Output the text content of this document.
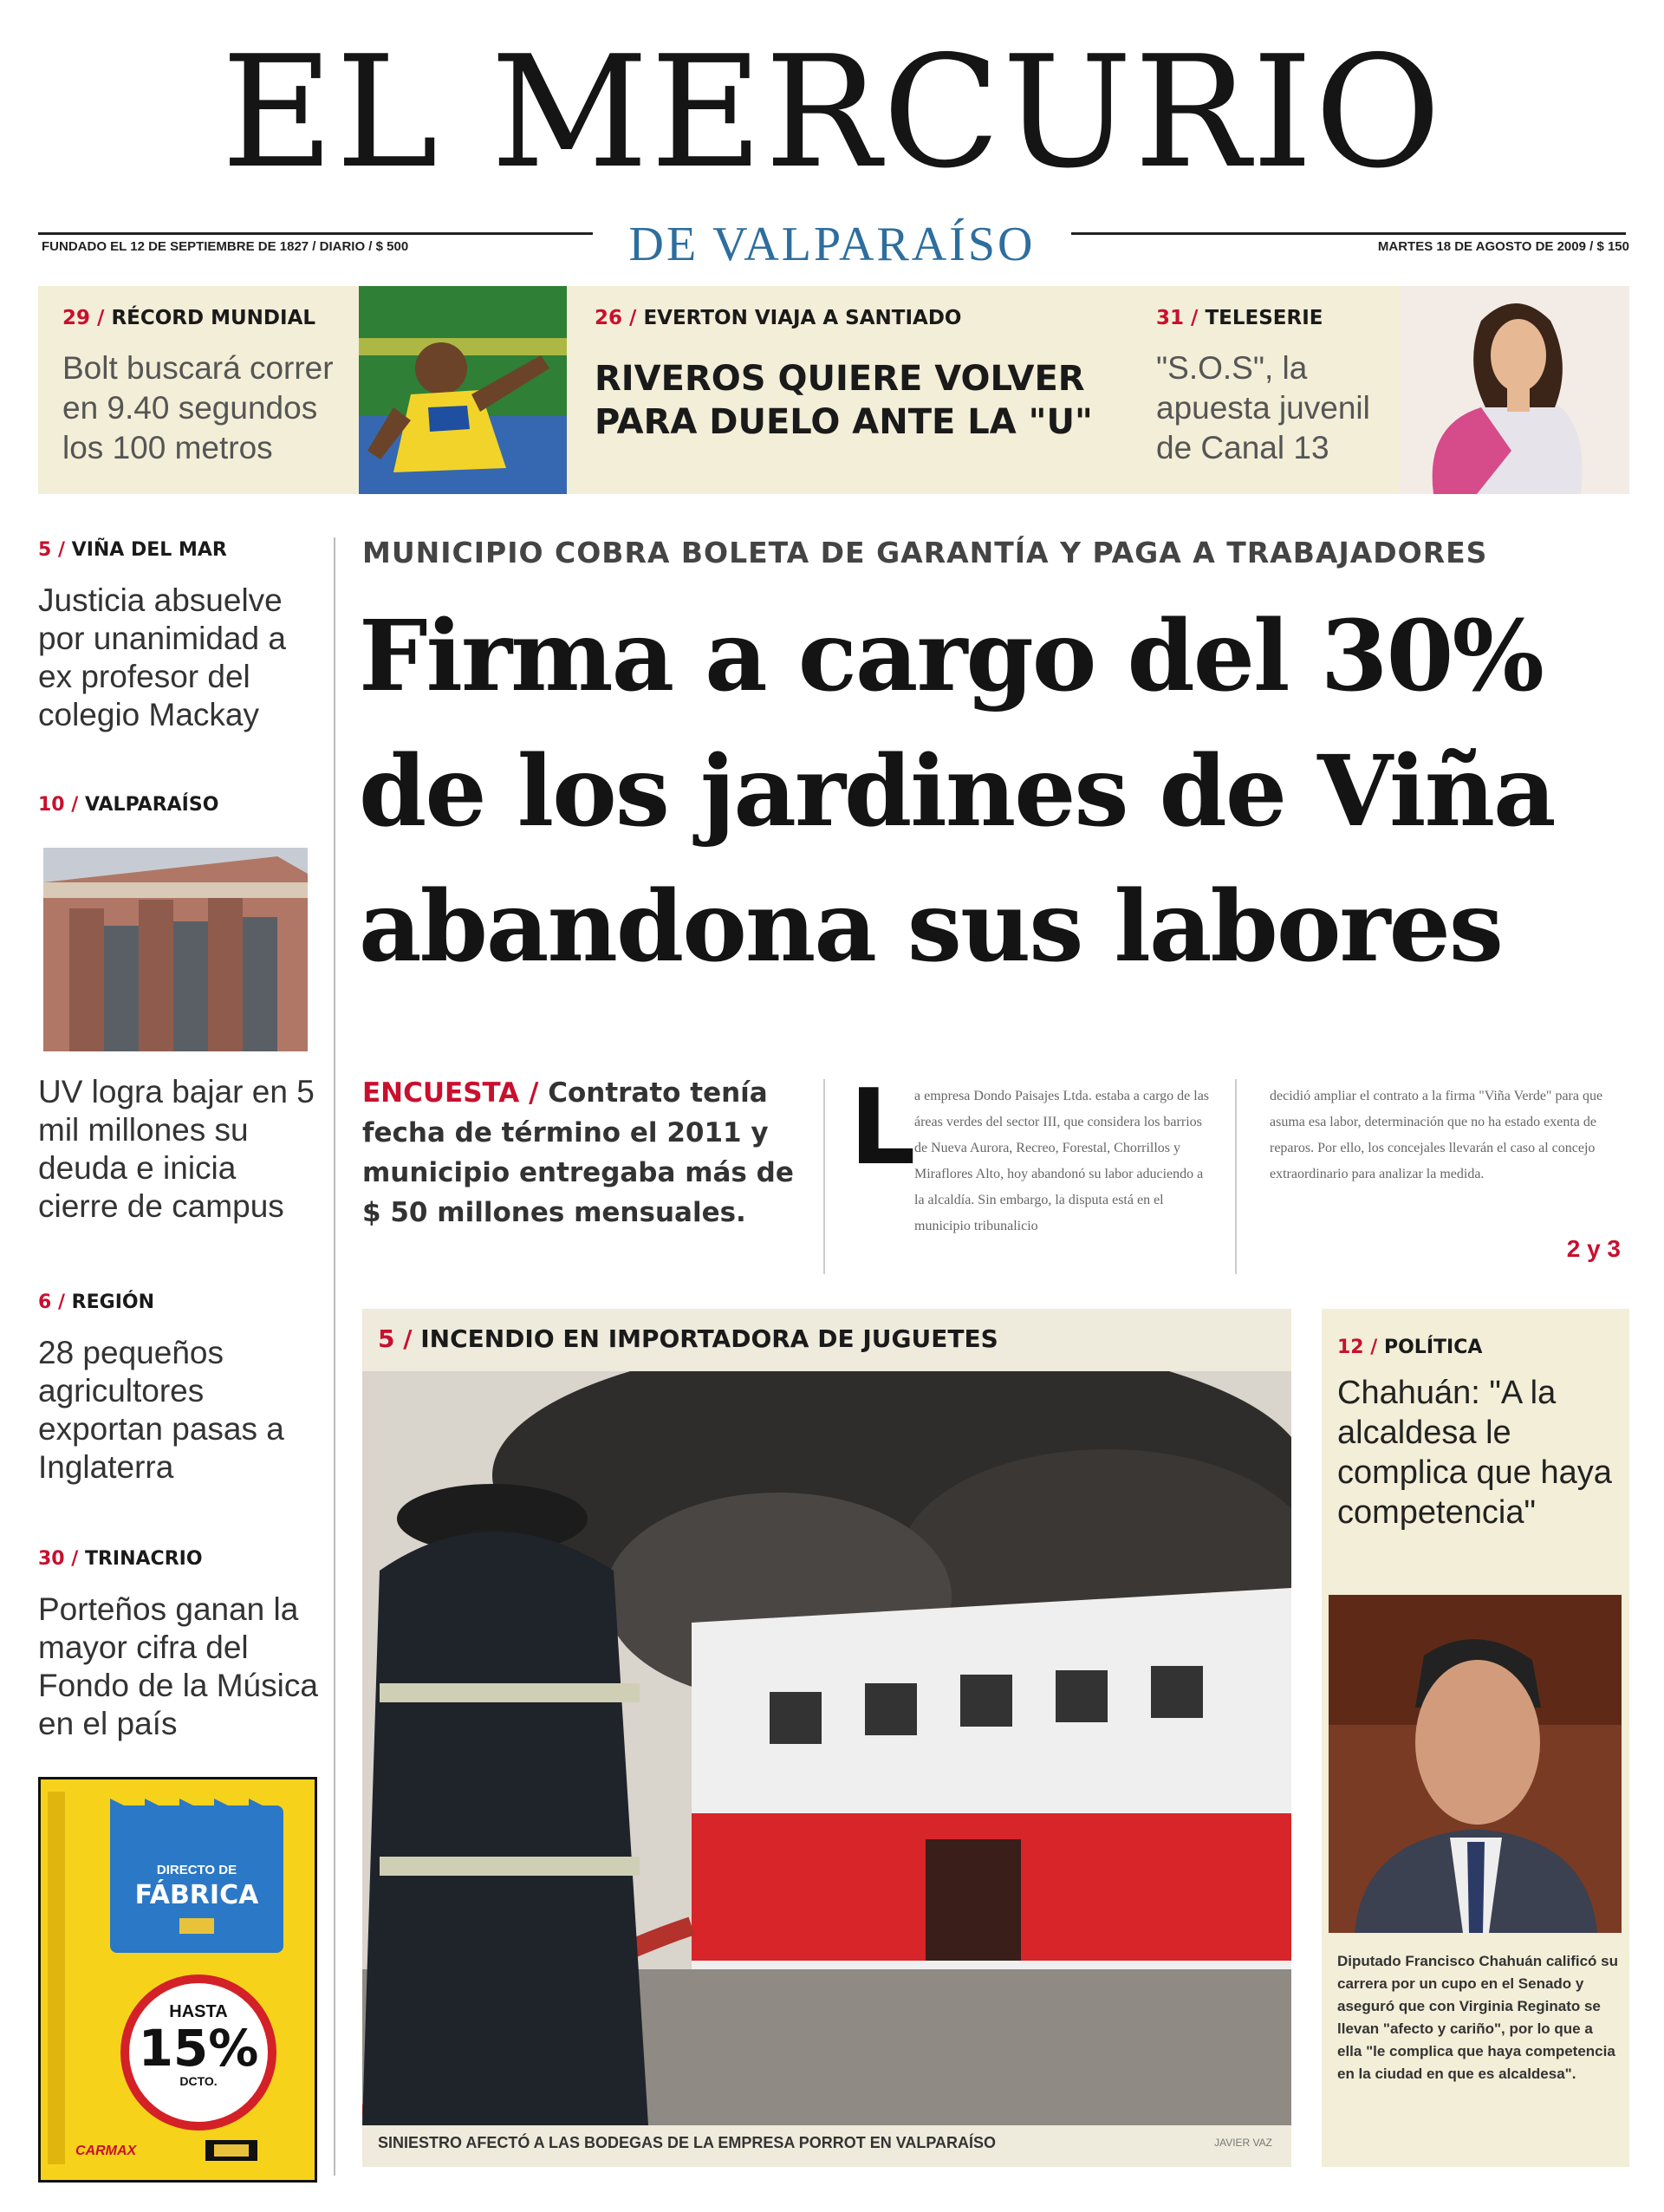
EL MERCURIO
DE VALPARAÍSO
FUNDADO EL 12 DE SEPTIEMBRE DE 1827 / DIARIO / $ 500	MARTES 18 DE AGOSTO DE 2009 / $ 150
29 / RÉCORD MUNDIAL
Bolt buscará correr en 9.40 segundos los 100 metros
26 / EVERTON VIAJA A SANTIADO
RIVEROS QUIERE VOLVER PARA DUELO ANTE LA "U"
31 / TELESERIE
"S.O.S", la apuesta juvenil de Canal 13
5 / VIÑA DEL MAR
Justicia absuelve por unanimidad a ex profesor del colegio Mackay
10 / VALPARAÍSO
UV logra bajar en 5 mil millones su deuda e inicia cierre de campus
6 / REGIÓN
28 pequeños agricultores exportan pasas a Inglaterra
30 / TRINACRIO
Porteños ganan la mayor cifra del Fondo de la Música en el país
DIRECTO DE
FÁBRICA
HASTA
15%
DCTO.
CARMAX
MUNICIPIO COBRA BOLETA DE GARANTÍA Y PAGA A TRABAJADORES
Firma a cargo del 30%
de los jardines de Viña
abandona sus labores
ENCUESTA / Contrato tenía fecha de término el 2011 y municipio entregaba más de $ 50 millones mensuales.
L
a empresa Dondo Paisajes Ltda. estaba a cargo de las áreas verdes del sector III, que considera los barrios de Nueva Aurora, Recreo, Forestal, Chorrillos y Miraflores Alto, hoy abandonó su labor aduciendo a la alcaldía. Sin embargo, la disputa está en el municipio tribunalicio
decidió ampliar el contrato a la firma "Viña Verde" para que asuma esa labor, determinación que no ha estado exenta de reparos. Por ello, los concejales llevarán el caso al concejo extraordinario para analizar la medida.
2 y 3
5 / INCENDIO EN IMPORTADORA DE JUGUETES
SINIESTRO AFECTÓ A LAS BODEGAS DE LA EMPRESA PORROT EN VALPARAÍSO	JAVIER VAZ
12 / POLÍTICA
Chahuán: "A la alcaldesa le complica que haya competencia"
Diputado Francisco Chahuán calificó su carrera por un cupo en el Senado y aseguró que con Virginia Reginato se llevan "afecto y cariño", por lo que a ella "le complica que haya competencia en la ciudad en que es alcaldesa".
